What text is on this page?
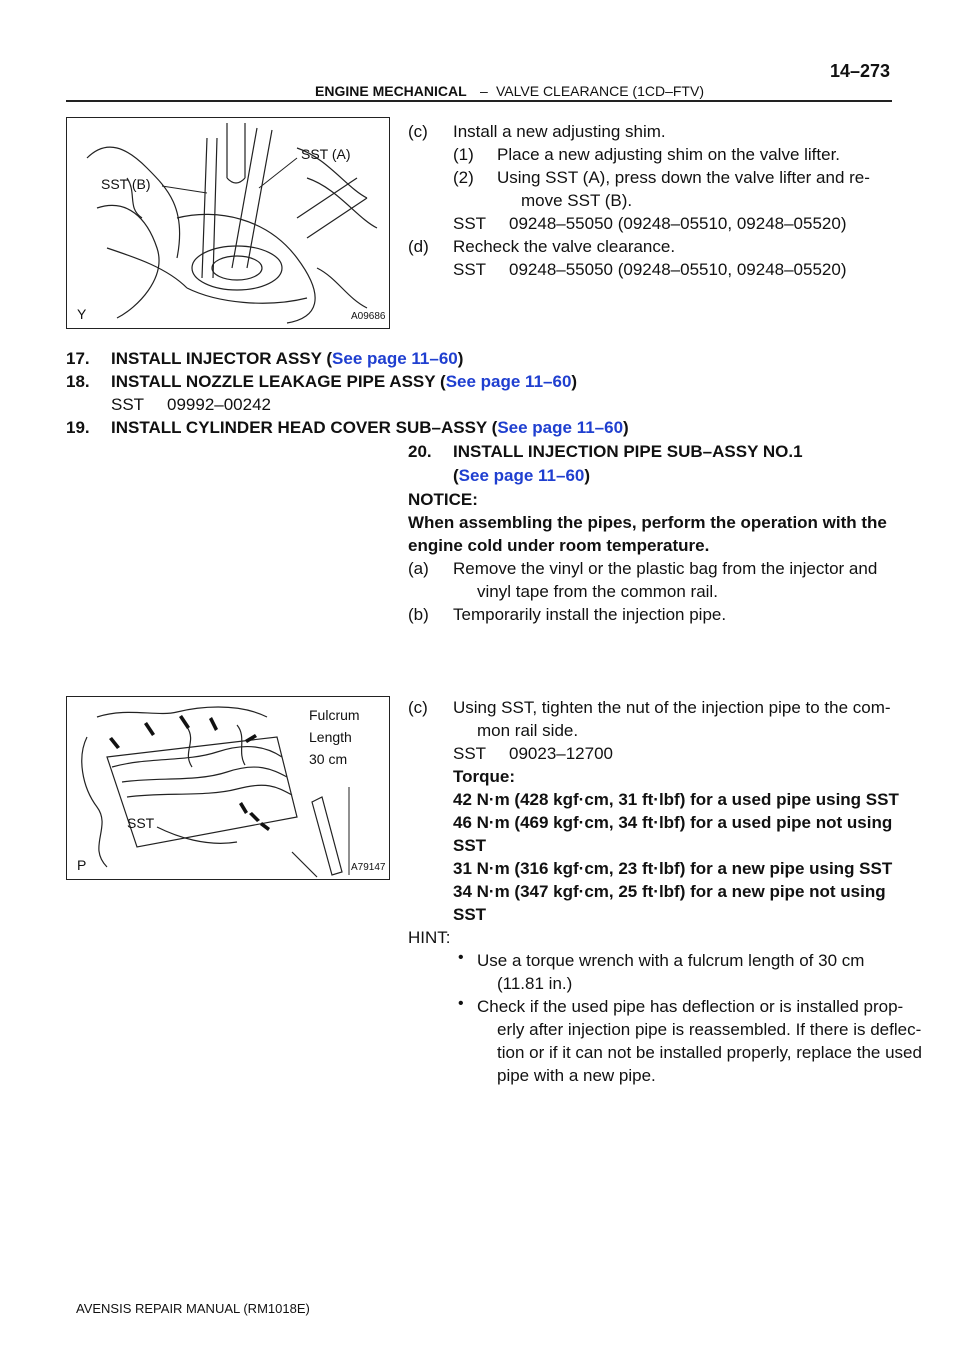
ENGINE MECHANICAL – VALVE CLEARANCE (1CD–FTV)
14–273
SST (A)
SST (B)
Y	A09686
(c) Install a new adjusting shim.
(1) Place a new adjusting shim on the valve lifter.
(2) Using SST (A), press down the valve lifter and re-
move SST (B).
SST 09248–55050 (09248–05510, 09248–05520)
(d) Recheck the valve clearance.
SST 09248–55050 (09248–05510, 09248–05520)
17. INSTALL INJECTOR ASSY (See page 11–60)
18. INSTALL NOZZLE LEAKAGE PIPE ASSY (See page 11–60)
SST 09992–00242
19. INSTALL CYLINDER HEAD COVER SUB–ASSY (See page 11–60)
20. INSTALL INJECTION PIPE SUB–ASSY NO.1
(See page 11–60)
NOTICE:
When assembling the pipes, perform the operation with the
engine cold under room temperature.
(a) Remove the vinyl or the plastic bag from the injector and
vinyl tape from the common rail.
(b) Temporarily install the injection pipe.
Fulcrum
Length
30 cm
SST
P	A79147
(c) Using SST, tighten the nut of the injection pipe to the com-
mon rail side.
SST 09023–12700
Torque:
42 N·m (428 kgf·cm, 31 ft·lbf) for a used pipe using SST
46 N·m (469 kgf·cm, 34 ft·lbf) for a used pipe not using
SST
31 N·m (316 kgf·cm, 23 ft·lbf) for a new pipe using SST
34 N·m (347 kgf·cm, 25 ft·lbf) for a new pipe not using
SST
HINT:
• Use a torque wrench with a fulcrum length of 30 cm
(11.81 in.)
• Check if the used pipe has deflection or is installed prop-
erly after injection pipe is reassembled. If there is deflec-
tion or if it can not be installed properly, replace the used
pipe with a new pipe.
AVENSIS REPAIR MANUAL (RM1018E)
